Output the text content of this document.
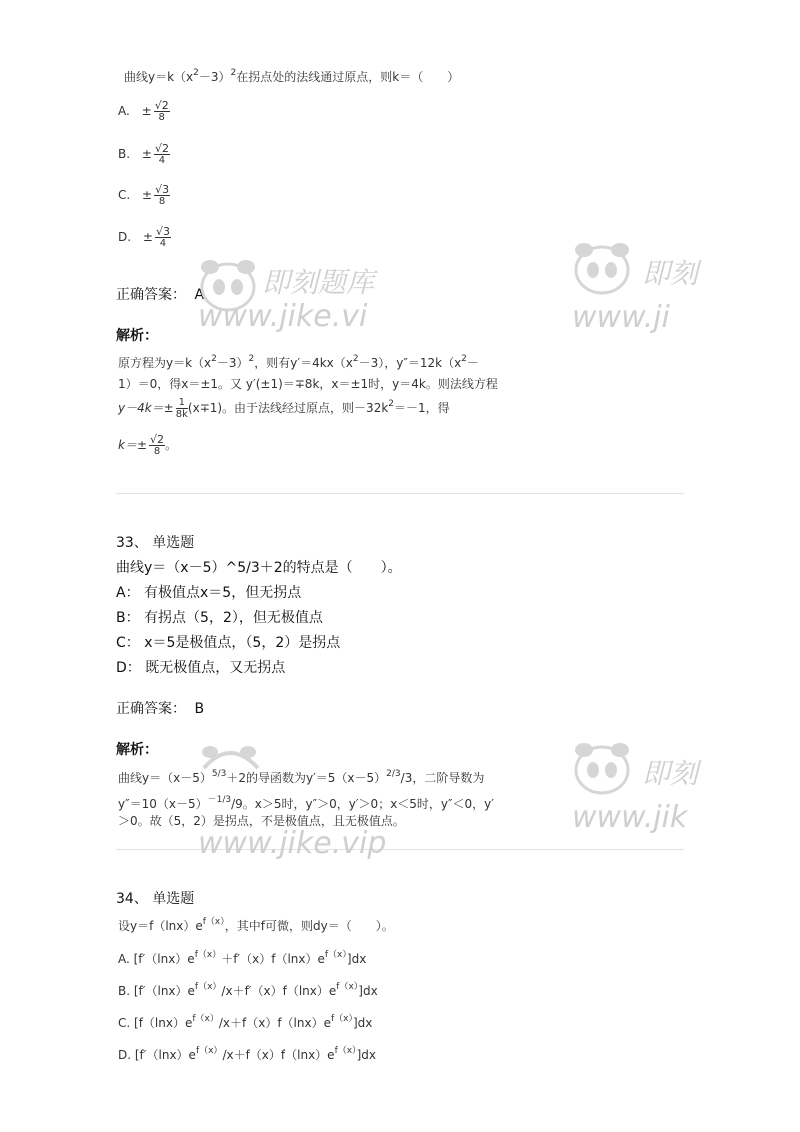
曲线$y=k(x^2-3)^2$在拐点处的法线通过原点，则k＝（　　）
A. ± $\frac{√2}{8}$
B. ± $\frac{√2}{4}$
C. ± $\frac{√3}{8}$
D. ± $\frac{√3}{4}$
正确答案： A
解析：
原方程为$y=k(x^2-3)^2$，则有$y'=4kx(x^2-3)$，$y''=12k(x^2-$
1）＝0，得x＝±1。又 y′(±1)＝∓8k，x＝±1时，y＝4k。则法线方程
$y-4k=\pm \frac{1}{8k} (x\mp 1)$。由于法线经过原点，则$-32k^2=-1$，得
$k=\pm \frac{√2}{8}$ 。
33、 单选题
曲线y＝（x－5）^5/3＋2的特点是（　　）。
A： 有极值点x＝5，但无拐点
B： 有拐点（5，2），但无极值点
C： x＝5是极值点，（5，2）是拐点
D： 既无极值点，又无拐点
正确答案： B
解析：
曲线$y=(x-5)^{5/3}+2$的导函数为$y'=5(x-5)^{2/3}/3$，二阶导数为
$y''=10(x-5)^{-1/3}/9$。x＞5时，y″＞0，y′＞0；x＜5时，y″＜0，y′
＞0。故（5，2）是拐点，不是极值点，且无极值点。
34、 单选题
设$y=f(\ln x)e^{f(x)}$，其中f可微，则dy＝（　　）。
A. $[f'(\ln x)e^{f(x)}+f'(x)f(\ln x)e^{f(x)}]dx$
B. $[f'(\ln x)e^{f(x)}/x+f'(x)f(\ln x)e^{f(x)}]dx$
C. $[f(\ln x)e^{f(x)}/x+f(x)f(\ln x)e^{f(x)}]dx$
D. $[f'(\ln x)e^{f(x)}/x+f(x)f(\ln x)e^{f(x)}]dx$
即刻题库
www.jike.vi
即刻
www.ji
www.jike.vip
即刻
www.jik
